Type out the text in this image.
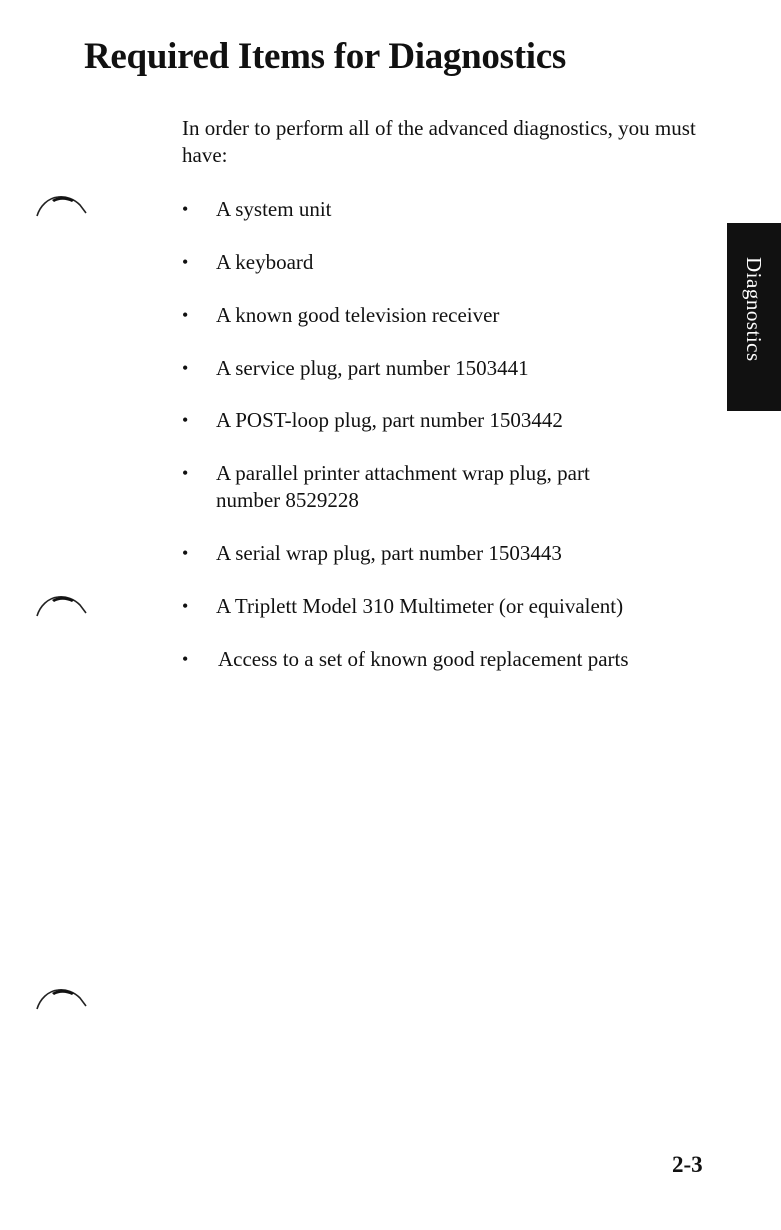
Required Items for Diagnostics

In order to perform all of the advanced diagnostics, you must have:

•	A system unit
•	A keyboard
•	A known good television receiver
•	A service plug, part number 1503441
•	A POST-loop plug, part number 1503442
•	A parallel printer attachment wrap plug, part number 8529228
•	A serial wrap plug, part number 1503443
•	A Triplett Model 310 Multimeter (or equivalent)
•	Access to a set of known good replacement parts
Diagnostics
2-3
